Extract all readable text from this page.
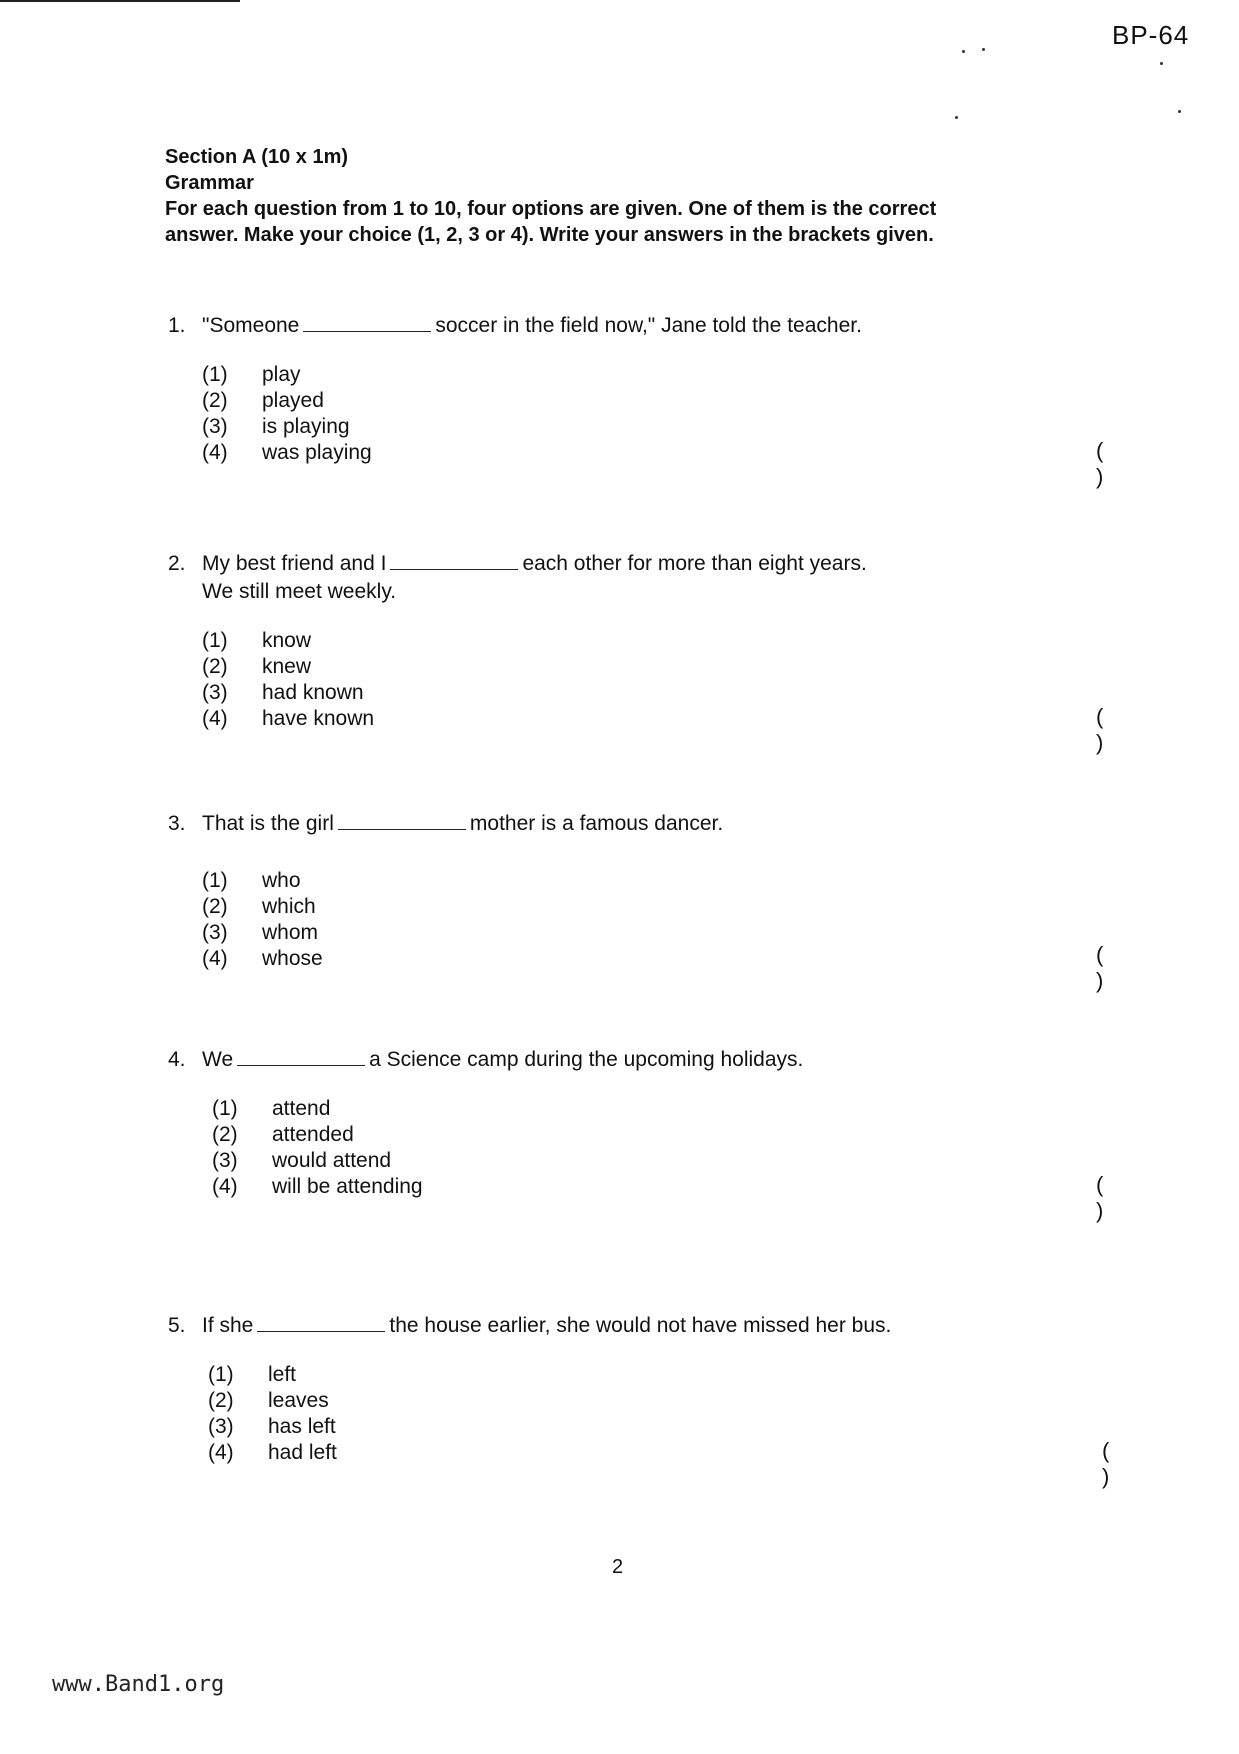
BP-64
Section A (10 x 1m)
Grammar
For each question from 1 to 10, four options are given. One of them is the correct
answer. Make your choice (1, 2, 3 or 4). Write your answers in the brackets given.
1. "Someone	soccer in the field now," Jane told the teacher.
(1)	play
(2)	played
(3)	is playing
(4)	was playing	()
2. My best friend and I	each other for more than eight years.
We still meet weekly.
(1)	know
(2)	knew
(3)	had known
(4)	have known	()
3. That is the girl	mother is a famous dancer.
(1)	who
(2)	which
(3)	whom
(4)	whose	()
4. We	a Science camp during the upcoming holidays.
(1)	attend
(2)	attended
(3)	would attend
(4)	will be attending	()
5. If she	the house earlier, she would not have missed her bus.
(1)	left
(2)	leaves
(3)	has left
(4)	had left	()
2
www.Band1.org
